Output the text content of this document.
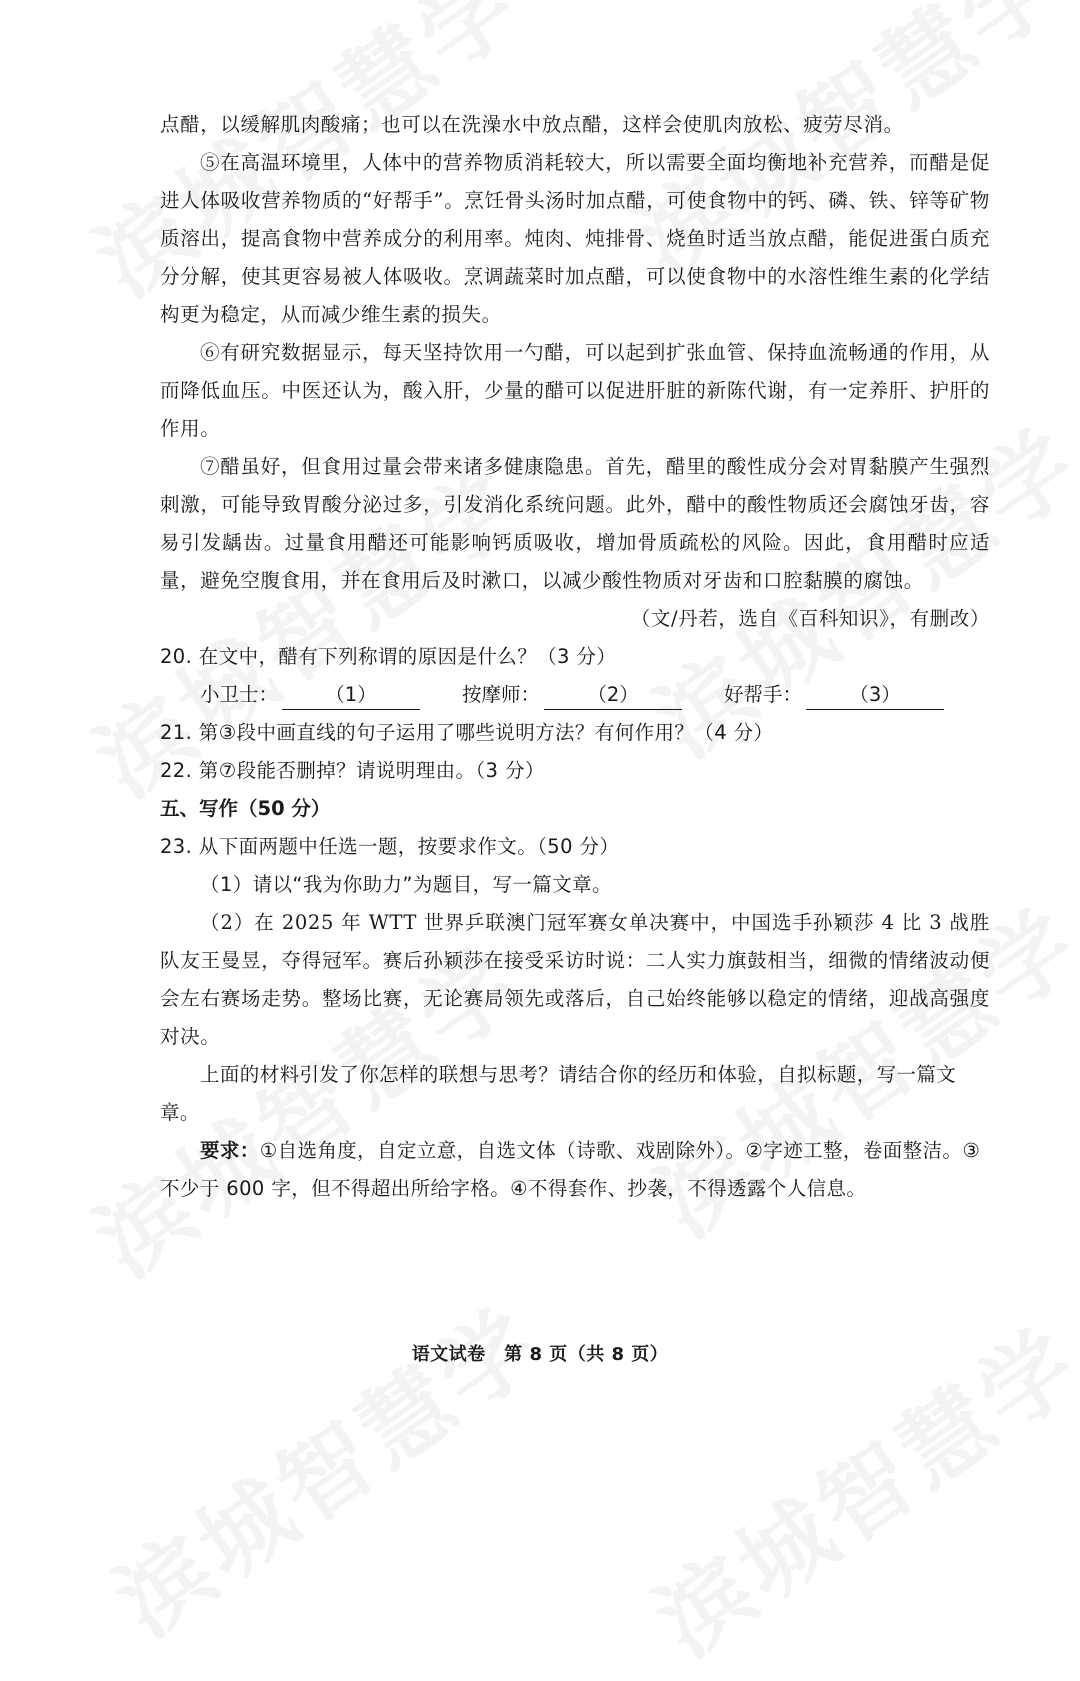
点醋，以缓解肌肉酸痛；也可以在洗澡水中放点醋，这样会使肌肉放松、疲劳尽消。

⑤在高温环境里，人体中的营养物质消耗较大，所以需要全面均衡地补充营养，而醋是促进人体吸收营养物质的“好帮手”。烹饪骨头汤时加点醋，可使食物中的钙、磷、铁、锌等矿物质溶出，提高食物中营养成分的利用率。炖肉、炖排骨、烧鱼时适当放点醋，能促进蛋白质充分分解，使其更容易被人体吸收。烹调蔬菜时加点醋，可以使食物中的水溶性维生素的化学结构更为稳定，从而减少维生素的损失。

⑥有研究数据显示，每天坚持饮用一勺醋，可以起到扩张血管、保持血流畅通的作用，从而降低血压。中医还认为，酸入肝，少量的醋可以促进肝脏的新陈代谢，有一定养肝、护肝的作用。

⑦醋虽好，但食用过量会带来诸多健康隐患。首先，醋里的酸性成分会对胃黏膜产生强烈刺激，可能导致胃酸分泌过多，引发消化系统问题。此外，醋中的酸性物质还会腐蚀牙齿，容易引发龋齿。过量食用醋还可能影响钙质吸收，增加骨质疏松的风险。因此，食用醋时应适量，避免空腹食用，并在食用后及时漱口，以减少酸性物质对牙齿和口腔黏膜的腐蚀。

（文/丹若，选自《百科知识》，有删改）

20. 在文中，醋有下列称谓的原因是什么？（3 分）

小卫士：	（1）	按摩师：	（2）	好帮手：	（3）

21. 第③段中画直线的句子运用了哪些说明方法？有何作用？（4 分）

22. 第⑦段能否删掉？请说明理由。（3 分）

五、写作（50 分）

23. 从下面两题中任选一题，按要求作文。（50 分）

（1）请以“我为你助力”为题目，写一篇文章。

（2）在 2025 年 WTT 世界乒联澳门冠军赛女单决赛中，中国选手孙颖莎 4 比 3 战胜队友王曼昱，夺得冠军。赛后孙颖莎在接受采访时说：二人实力旗鼓相当，细微的情绪波动便会左右赛场走势。整场比赛，无论赛局领先或落后，自己始终能够以稳定的情绪，迎战高强度对决。

上面的材料引发了你怎样的联想与思考？请结合你的经历和体验，自拟标题，写一篇文章。

要求：①自选角度，自定立意，自选文体（诗歌、戏剧除外）。②字迹工整，卷面整洁。③不少于 600 字，但不得超出所给字格。④不得套作、抄袭，不得透露个人信息。

语文试卷　第 8 页（共 8 页）
